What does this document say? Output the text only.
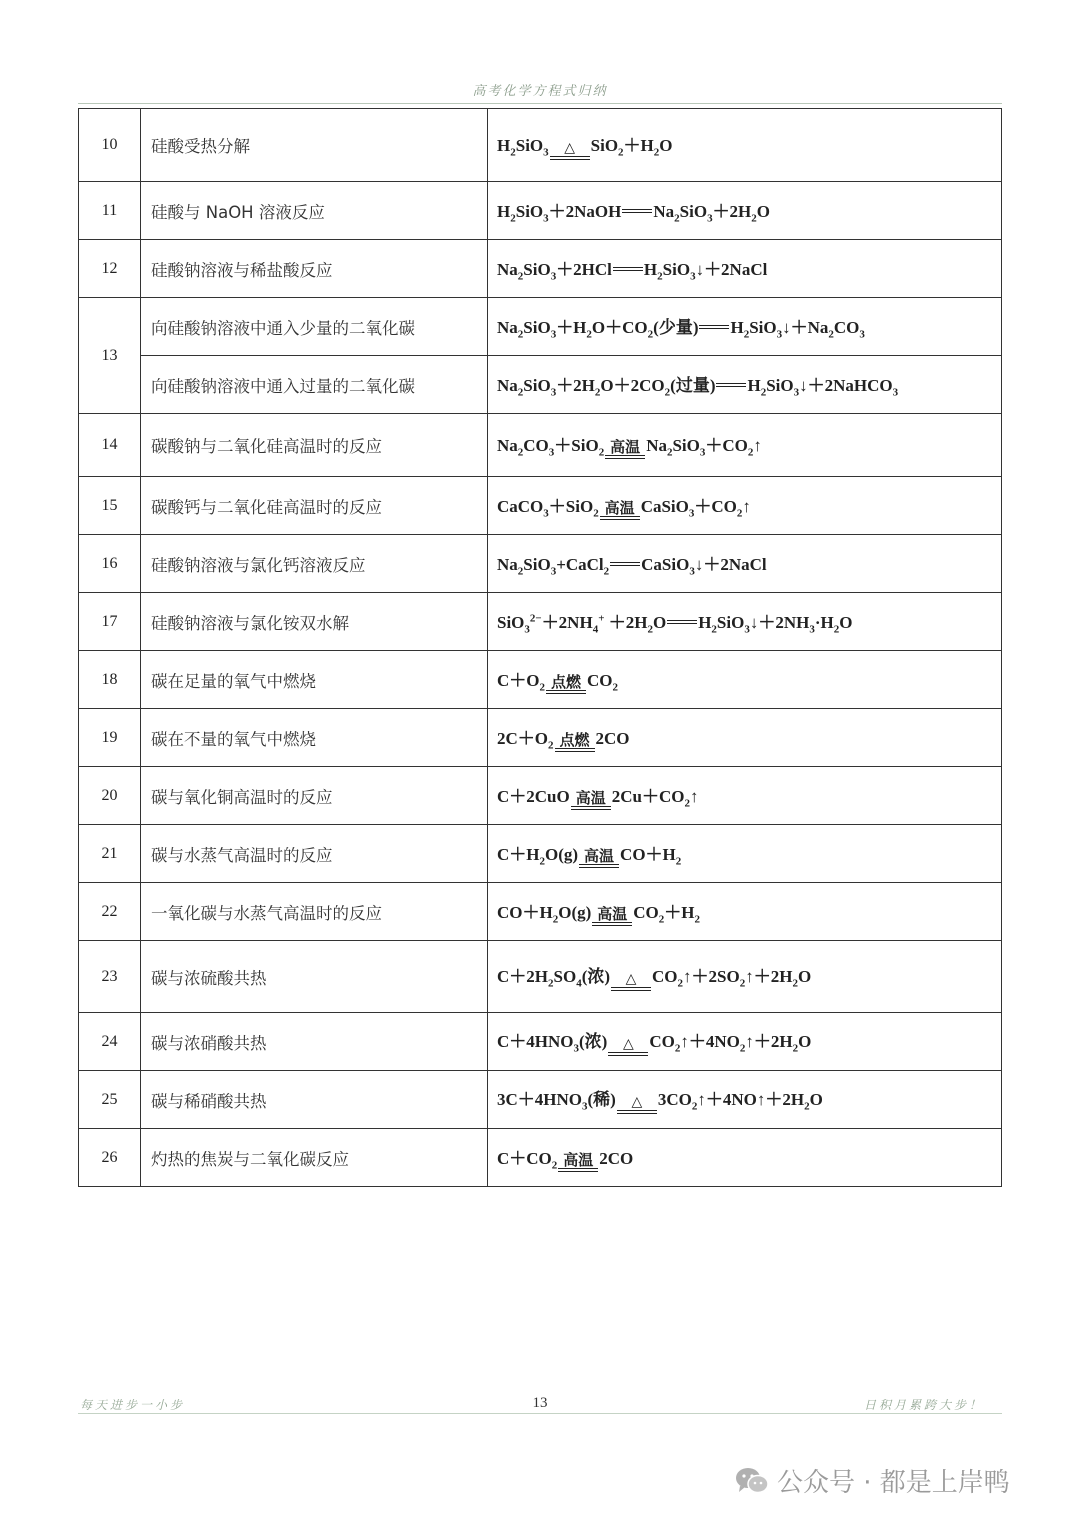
高考化学方程式归纳
10	硅酸受热分解	$H_2SiO_3$ △ $SiO_2+H_2O$
11	硅酸与 NaOH 溶液反应	$H_2SiO_3+2NaOH$ $Na_2SiO_3+2H_2O$
12	硅酸钠溶液与稀盐酸反应	$Na_2SiO_3+2HCl$ $H_2SiO_3↓+2NaCl$
13	向硅酸钠溶液中通入少量的二氧化碳	$Na_2SiO_3+H_2O+CO_2$(少量) $H_2SiO_3↓+Na_2CO_3$
	向硅酸钠溶液中通入过量的二氧化碳	$Na_2SiO_3+2H_2O+2CO_2$(过量) $H_2SiO_3↓+2NaHCO_3$
14	碳酸钠与二氧化硅高温时的反应	$Na_2CO_3+SiO_2$ 高温 $Na_2SiO_3+CO_2↑$
15	碳酸钙与二氧化硅高温时的反应	CaCO$_3$＋SiO$_2$ 高温 $CaSiO_3+CO_2↑$
16	硅酸钠溶液与氯化钙溶液反应	$Na_2SiO_3+CaCl_2$ CaSiO$_3$↓＋2NaCl
17	硅酸钠溶液与氯化铵双水解	$SiO_3^{2-}+2NH_4^+ +2H_2O$ $H_2SiO_3↓+2NH_3\cdot H_2O$
18	碳在足量的氧气中燃烧	$C+O_2$ 点燃 $CO_2$
19	碳在不量的氧气中燃烧	$2C+O_2$ 点燃 2CO
20	碳与氧化铜高温时的反应	C＋2CuO 高温 $2Cu+CO_2↑$
21	碳与水蒸气高温时的反应	$C+H_2O(g)$ 高温 $CO+H_2$
22	一氧化碳与水蒸气高温时的反应	$CO+H_2O(g)$ 高温 $CO_2+H_2$
23	碳与浓硫酸共热	$C+2H_2SO_4$(浓) △ $CO_2↑+2SO_2↑+2H_2O$
24	碳与浓硝酸共热	$C+4HNO_3$(浓) △ $CO_2↑+4NO_2↑+2H_2O$
25	碳与稀硝酸共热	$3C+4HNO_3$(稀) △ $3CO_2↑+4NO↑+2H_2O$
26	灼热的焦炭与二氧化碳反应	$C+CO_2$ 高温 2CO
每天进步一小步	13	日积月累跨大步！
公众号 · 都是上岸鸭
